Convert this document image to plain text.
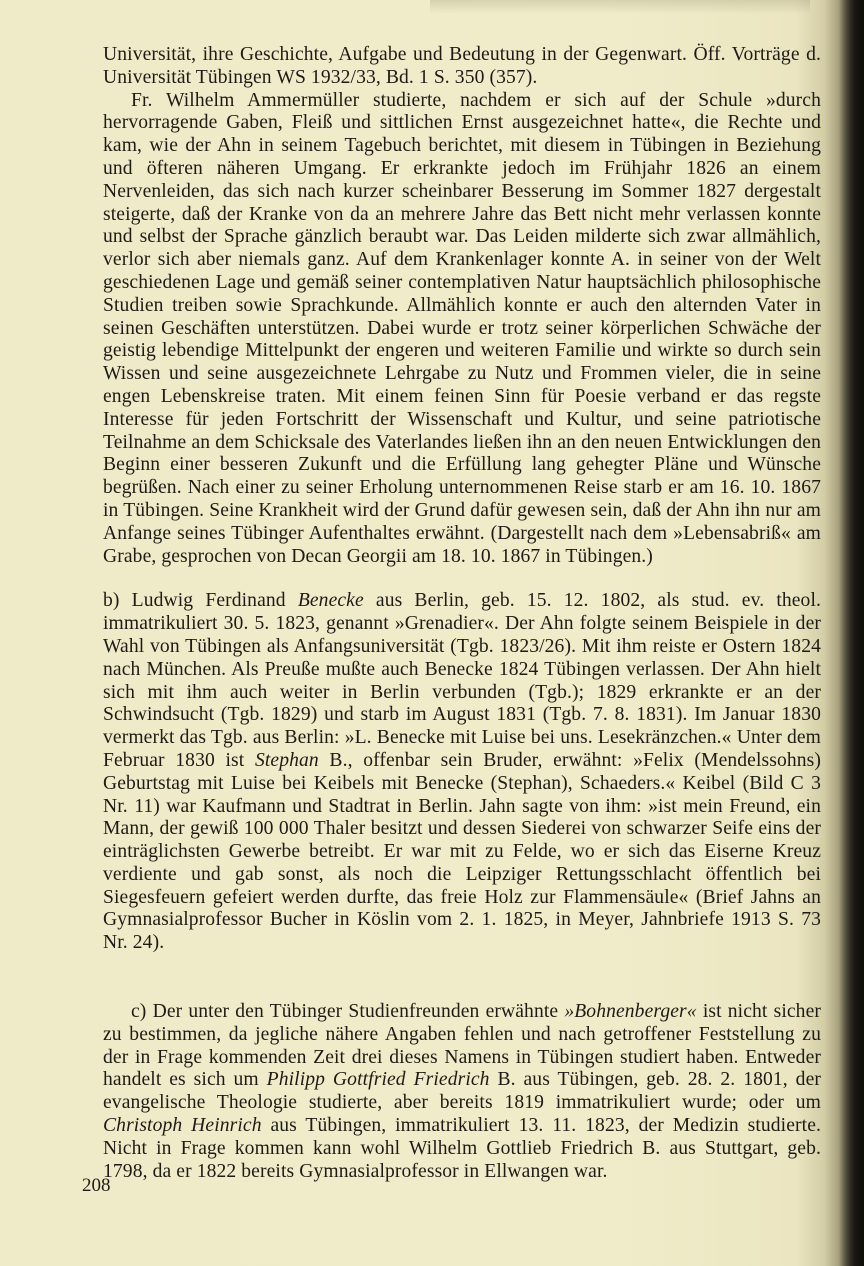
Universität, ihre Geschichte, Aufgabe und Bedeutung in der Gegenwart. Öff. Vorträge d. Universität Tübingen WS 1932/33, Bd. 1 S. 350 (357).

Fr. Wilhelm Ammermüller studierte, nachdem er sich auf der Schule »durch hervorragende Gaben, Fleiß und sittlichen Ernst ausgezeichnet hatte«, die Rechte und kam, wie der Ahn in seinem Tagebuch berichtet, mit diesem in Tübingen in Beziehung und öfteren näheren Umgang. Er erkrankte jedoch im Frühjahr 1826 an einem Nervenleiden, das sich nach kurzer scheinbarer Besserung im Sommer 1827 dergestalt steigerte, daß der Kranke von da an mehrere Jahre das Bett nicht mehr verlassen konnte und selbst der Sprache gänzlich beraubt war. Das Leiden milderte sich zwar allmählich, verlor sich aber niemals ganz. Auf dem Krankenlager konnte A. in seiner von der Welt geschiedenen Lage und gemäß seiner contemplativen Natur hauptsächlich philosophische Studien treiben sowie Sprachkunde. Allmählich konnte er auch den alternden Vater in seinen Geschäften unterstützen. Dabei wurde er trotz seiner körperlichen Schwäche der geistig lebendige Mittelpunkt der engeren und weiteren Familie und wirkte so durch sein Wissen und seine ausgezeichnete Lehrgabe zu Nutz und Frommen vieler, die in seine engen Lebenskreise traten. Mit einem feinen Sinn für Poesie verband er das regste Interesse für jeden Fortschritt der Wissenschaft und Kultur, und seine patriotische Teilnahme an dem Schicksale des Vaterlandes ließen ihn an den neuen Entwicklungen den Beginn einer besseren Zukunft und die Erfüllung lang gehegter Pläne und Wünsche begrüßen. Nach einer zu seiner Erholung unternommenen Reise starb er am 16. 10. 1867 in Tübingen. Seine Krankheit wird der Grund dafür gewesen sein, daß der Ahn ihn nur am Anfange seines Tübinger Aufenthaltes erwähnt. (Dargestellt nach dem »Lebensabriß« am Grabe, gesprochen von Decan Georgii am 18. 10. 1867 in Tübingen.)

b) Ludwig Ferdinand Benecke aus Berlin, geb. 15. 12. 1802, als stud. ev. theol. immatrikuliert 30. 5. 1823, genannt »Grenadier«. Der Ahn folgte seinem Beispiele in der Wahl von Tübingen als Anfangsuniversität (Tgb. 1823/26). Mit ihm reiste er Ostern 1824 nach München. Als Preuße mußte auch Benecke 1824 Tübingen verlassen. Der Ahn hielt sich mit ihm auch weiter in Berlin verbunden (Tgb.); 1829 erkrankte er an der Schwindsucht (Tgb. 1829) und starb im August 1831 (Tgb. 7. 8. 1831). Im Januar 1830 vermerkt das Tgb. aus Berlin: »L. Benecke mit Luise bei uns. Lesekränzchen.« Unter dem Februar 1830 ist Stephan B., offenbar sein Bruder, erwähnt: »Felix (Mendelssohns) Geburtstag mit Luise bei Keibels mit Benecke (Stephan), Schaeders.« Keibel (Bild C 3 Nr. 11) war Kaufmann und Stadtrat in Berlin. Jahn sagte von ihm: »ist mein Freund, ein Mann, der gewiß 100 000 Thaler besitzt und dessen Siederei von schwarzer Seife eins der einträglichsten Gewerbe betreibt. Er war mit zu Felde, wo er sich das Eiserne Kreuz verdiente und gab sonst, als noch die Leipziger Rettungsschlacht öffentlich bei Siegesfeuern gefeiert werden durfte, das freie Holz zur Flammensäule« (Brief Jahns an Gymnasialprofessor Bucher in Köslin vom 2. 1. 1825, in Meyer, Jahnbriefe 1913 S. 73 Nr. 24).

c) Der unter den Tübinger Studienfreunden erwähnte »Bohnenberger« ist nicht sicher zu bestimmen, da jegliche nähere Angaben fehlen und nach getroffener Feststellung zu der in Frage kommenden Zeit drei dieses Namens in Tübingen studiert haben. Entweder handelt es sich um Philipp Gottfried Friedrich B. aus Tübingen, geb. 28. 2. 1801, der evangelische Theologie studierte, aber bereits 1819 immatrikuliert wurde; oder um Christoph Heinrich aus Tübingen, immatrikuliert 13. 11. 1823, der Medizin studierte. Nicht in Frage kommen kann wohl Wilhelm Gottlieb Friedrich B. aus Stuttgart, geb. 1798, da er 1822 bereits Gymnasialprofessor in Ellwangen war.

208
